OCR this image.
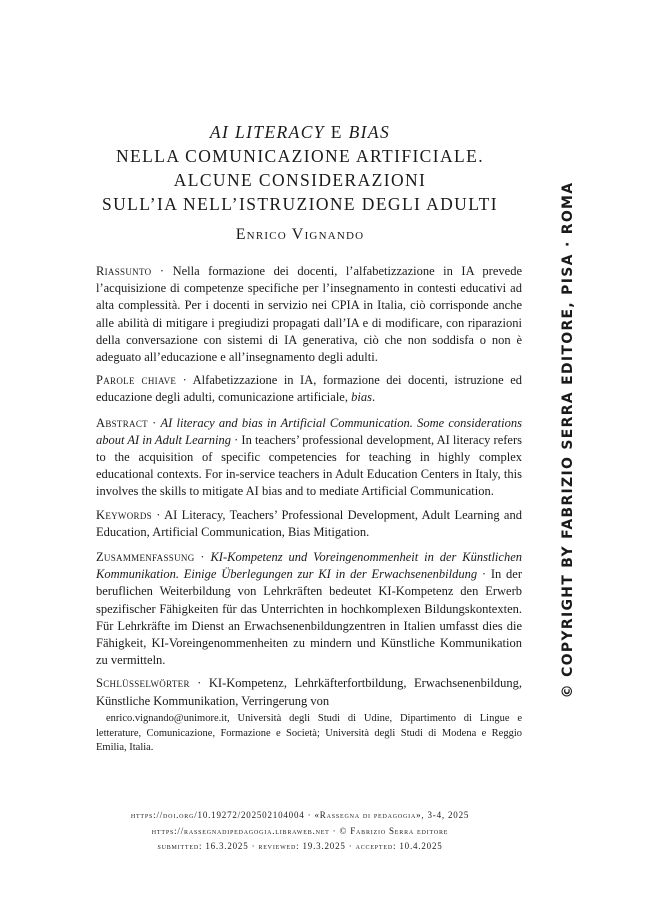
AI LITERACY E BIAS
NELLA COMUNICAZIONE ARTIFICIALE.
ALCUNE CONSIDERAZIONI
SULL’IA NELL’ISTRUZIONE DEGLI ADULTI
Enrico Vignando

Riassunto · Nella formazione dei docenti, l’alfabetizzazione in IA prevede l’acquisizione di competenze specifiche per l’insegnamento in contesti educativi ad alta complessità. Per i docenti in servizio nei CPIA in Italia, ciò corrisponde anche alle abilità di mitigare i pregiudizi propagati dall’IA e di modificare, con riparazioni della conversazione con sistemi di IA generativa, ciò che non soddisfa o non è adeguato all’educazione e all’insegnamento degli adulti.

Parole chiave · Alfabetizzazione in IA, formazione dei docenti, istruzione ed educazione degli adulti, comunicazione artificiale, bias.

Abstract · AI literacy and bias in Artificial Communication. Some considerations about AI in Adult Learning · In teachers’ professional development, AI literacy refers to the acquisition of specific competencies for teaching in highly complex educational contexts. For in-service teachers in Adult Education Centers in Italy, this involves the skills to mitigate AI bias and to mediate Artificial Communication.

Keywords · AI Literacy, Teachers’ Professional Development, Adult Learning and Education, Artificial Communication, Bias Mitigation.

Zusammenfassung · KI-Kompetenz und Voreingenommenheit in der Künstlichen Kommunikation. Einige Überlegungen zur KI in der Erwachsenenbildung · In der beruflichen Weiterbildung von Lehrkräften bedeutet KI-Kompetenz den Erwerb spezifischer Fähigkeiten für das Unterrichten in hochkomplexen Bildungskontexten. Für Lehrkräfte im Dienst an Erwachsenenbildungzentren in Italien umfasst dies die Fähigkeit, KI-Voreingenommenheiten zu mindern und Künstliche Kommunikation zu vermitteln.

Schlüsselwörter · KI-Kompetenz, Lehrkäfterfortbildung, Erwachsenenbildung, Künstliche Kommunikation, Verringerung von

enrico.vignando@unimore.it, Università degli Studi di Udine, Dipartimento di Lingue e letterature, Comunicazione, Formazione e Società; Università degli Studi di Modena e Reggio Emilia, Italia.

https://doi.org/10.19272/202502104004 · «Rassegna di pedagogia», 3-4, 2025
https://rassegnadipedagogia.libraweb.net · © Fabrizio Serra editore
submitted: 16.3.2025 · reviewed: 19.3.2025 · accepted: 10.4.2025
© COPYRIGHT BY FABRIZIO SERRA EDITORE, PISA · ROMA
